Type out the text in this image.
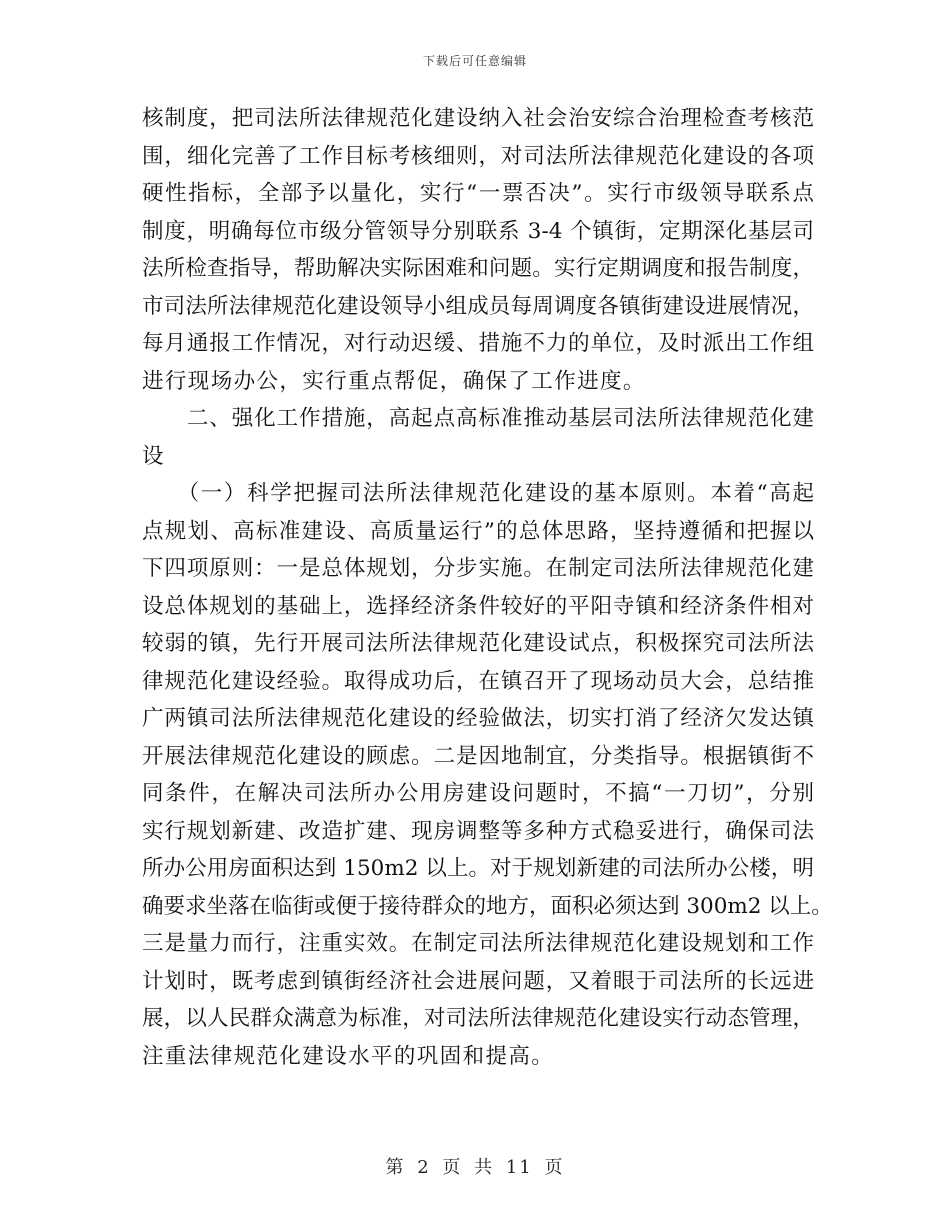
下载后可任意编辑
核制度，把司法所法律规范化建设纳入社会治安综合治理检查考核范
围，细化完善了工作目标考核细则，对司法所法律规范化建设的各项
硬性指标，全部予以量化，实行“一票否决”。实行市级领导联系点
制度，明确每位市级分管领导分别联系 3-4 个镇街，定期深化基层司
法所检查指导，帮助解决实际困难和问题。实行定期调度和报告制度，
市司法所法律规范化建设领导小组成员每周调度各镇街建设进展情况，
每月通报工作情况，对行动迟缓、措施不力的单位，及时派出工作组
进行现场办公，实行重点帮促，确保了工作进度。
　　二、强化工作措施，高起点高标准推动基层司法所法律规范化建
设
　　（一）科学把握司法所法律规范化建设的基本原则。本着“高起
点规划、高标准建设、高质量运行”的总体思路，坚持遵循和把握以
下四项原则：一是总体规划，分步实施。在制定司法所法律规范化建
设总体规划的基础上，选择经济条件较好的平阳寺镇和经济条件相对
较弱的镇，先行开展司法所法律规范化建设试点，积极探究司法所法
律规范化建设经验。取得成功后，在镇召开了现场动员大会，总结推
广两镇司法所法律规范化建设的经验做法，切实打消了经济欠发达镇
开展法律规范化建设的顾虑。二是因地制宜，分类指导。根据镇街不
同条件，在解决司法所办公用房建设问题时，不搞“一刀切”，分别
实行规划新建、改造扩建、现房调整等多种方式稳妥进行，确保司法
所办公用房面积达到 150m2 以上。对于规划新建的司法所办公楼，明
确要求坐落在临街或便于接待群众的地方，面积必须达到 300m2 以上。
三是量力而行，注重实效。在制定司法所法律规范化建设规划和工作
计划时，既考虑到镇街经济社会进展问题，又着眼于司法所的长远进
展，以人民群众满意为标准，对司法所法律规范化建设实行动态管理，
注重法律规范化建设水平的巩固和提高。
第 2 页 共 11 页
